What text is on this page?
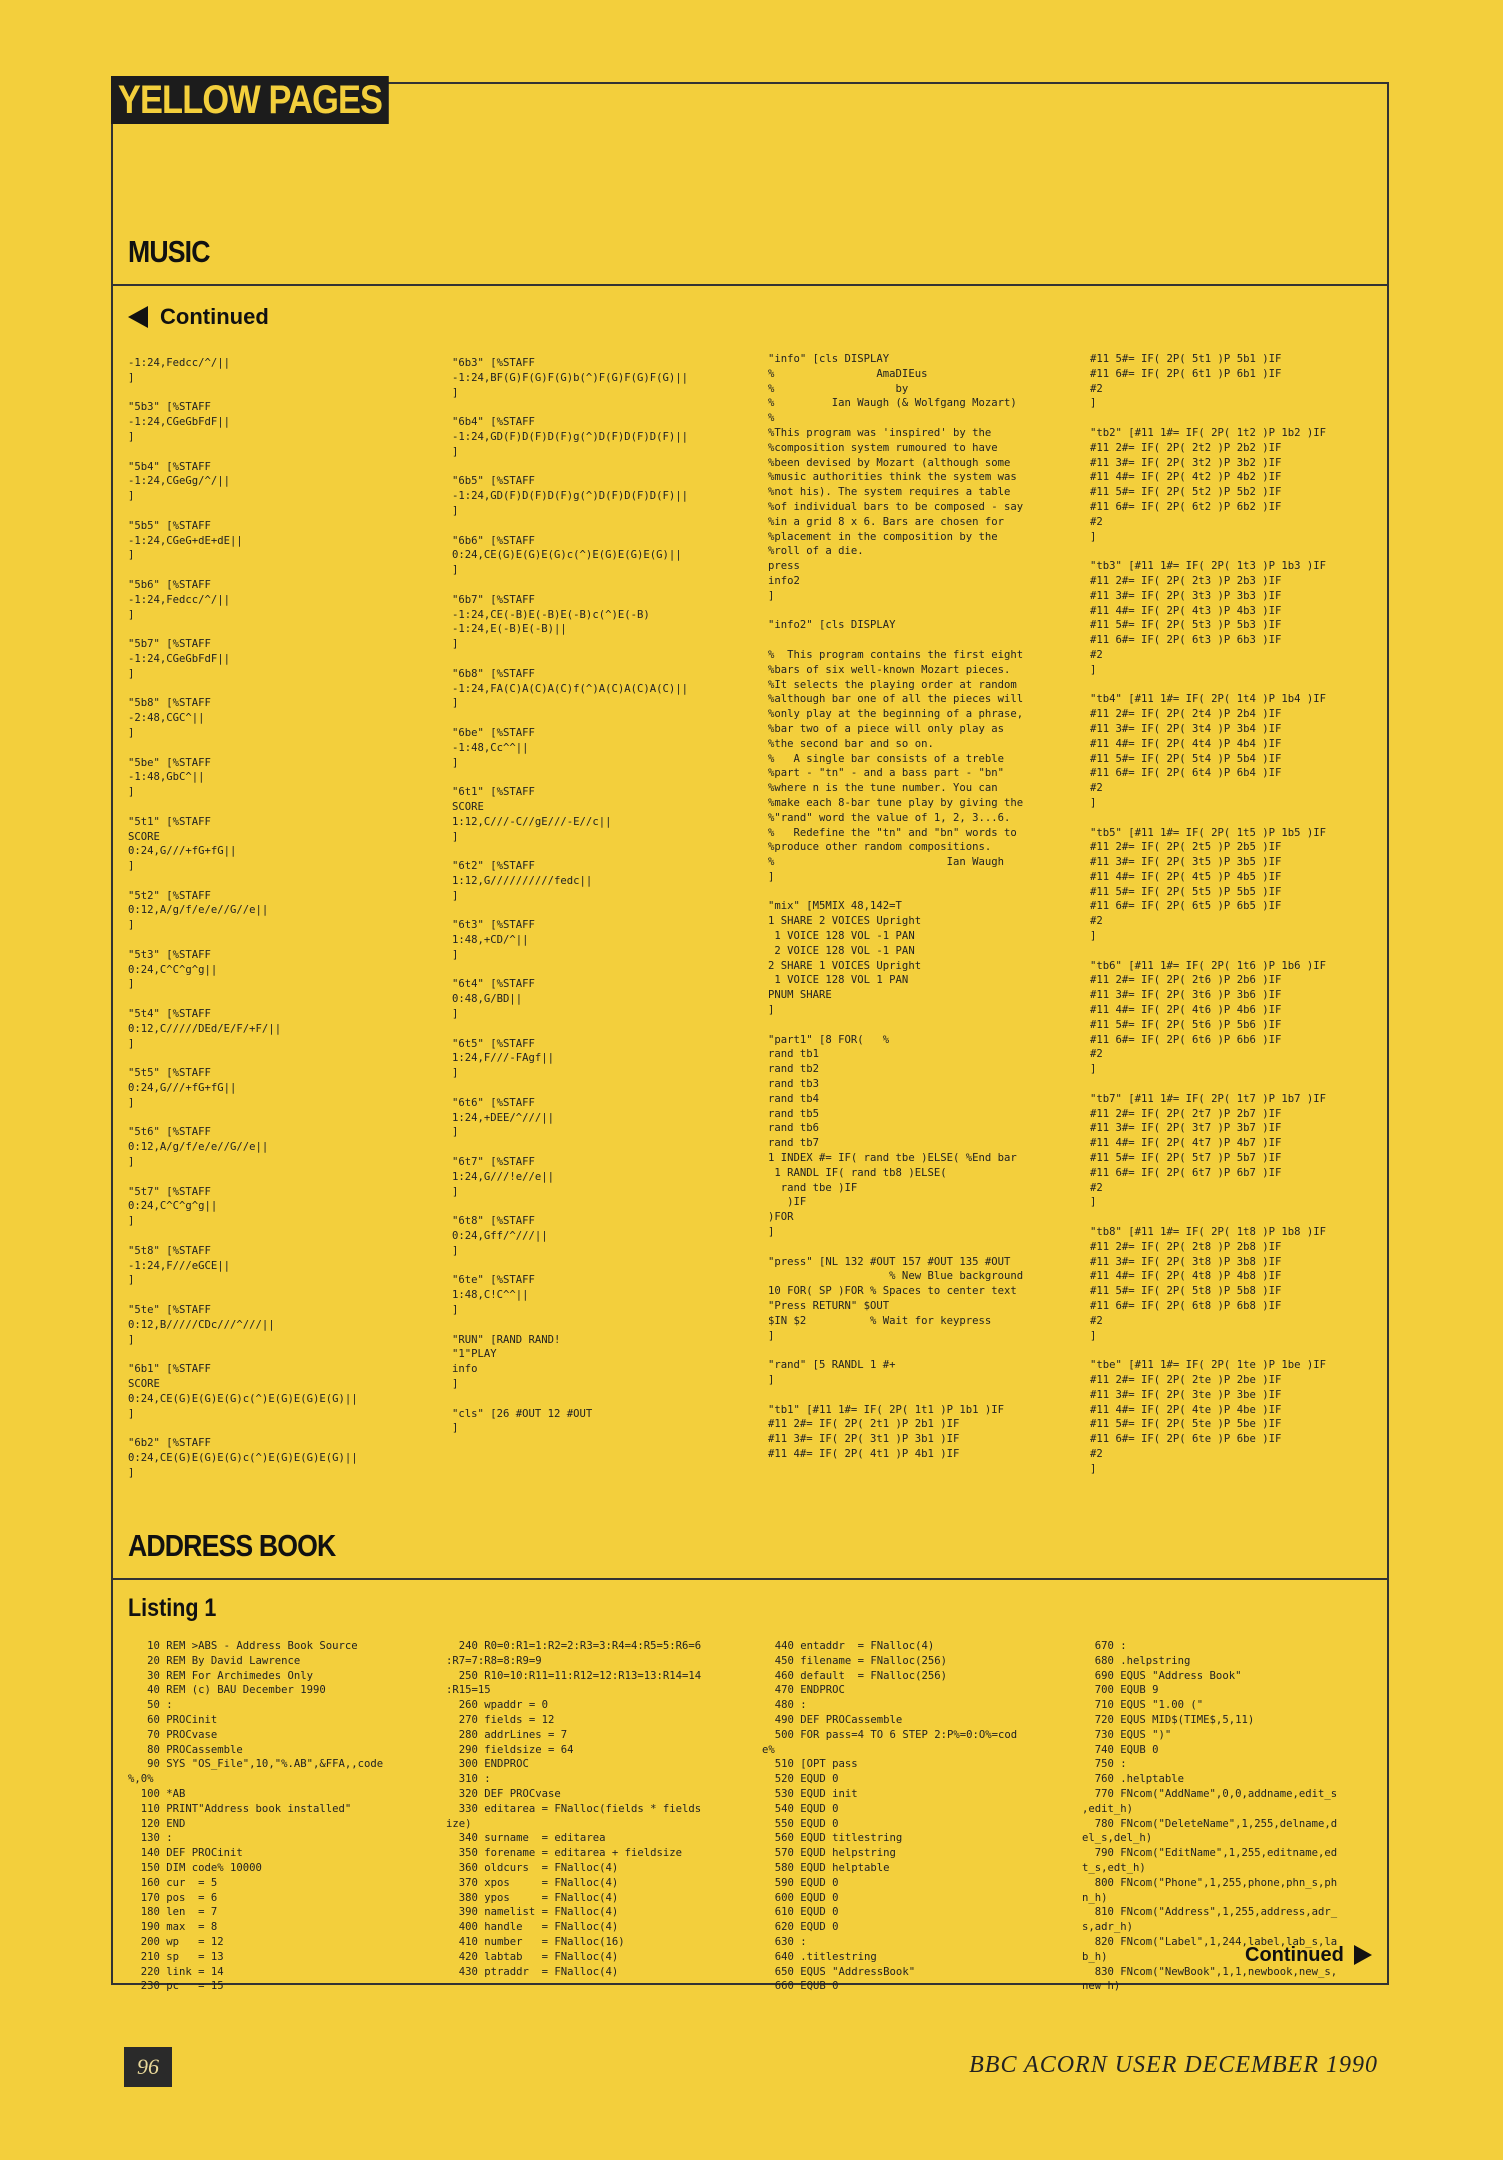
YELLOW PAGES
MUSIC
Continued
-1:24,Fedcc/^/||
]

"5b3" [%STAFF
-1:24,CGeGbFdF||
]

"5b4" [%STAFF
-1:24,CGeGg/^/||
]

"5b5" [%STAFF
-1:24,CGeG+dE+dE||
]

"5b6" [%STAFF
-1:24,Fedcc/^/||
]

"5b7" [%STAFF
-1:24,CGeGbFdF||
]

"5b8" [%STAFF
-2:48,CGC^||
]

"5be" [%STAFF
-1:48,GbC^||
]

"5t1" [%STAFF
SCORE
0:24,G///+fG+fG||
]

"5t2" [%STAFF
0:12,A/g/f/e/e//G//e||
]

"5t3" [%STAFF
0:24,C^C^g^g||
]

"5t4" [%STAFF
0:12,C/////DEd/E/F/+F/||
]

"5t5" [%STAFF
0:24,G///+fG+fG||
]

"5t6" [%STAFF
0:12,A/g/f/e/e//G//e||
]

"5t7" [%STAFF
0:24,C^C^g^g||
]

"5t8" [%STAFF
-1:24,F///eGCE||
]

"5te" [%STAFF
0:12,B/////CDc///^///||
]

"6b1" [%STAFF
SCORE
0:24,CE(G)E(G)E(G)c(^)E(G)E(G)E(G)||
]

"6b2" [%STAFF
0:24,CE(G)E(G)E(G)c(^)E(G)E(G)E(G)||
]
"6b3" [%STAFF
-1:24,BF(G)F(G)F(G)b(^)F(G)F(G)F(G)||
]

"6b4" [%STAFF
-1:24,GD(F)D(F)D(F)g(^)D(F)D(F)D(F)||
]

"6b5" [%STAFF
-1:24,GD(F)D(F)D(F)g(^)D(F)D(F)D(F)||
]

"6b6" [%STAFF
0:24,CE(G)E(G)E(G)c(^)E(G)E(G)E(G)||
]

"6b7" [%STAFF
-1:24,CE(-B)E(-B)E(-B)c(^)E(-B)
-1:24,E(-B)E(-B)||
]

"6b8" [%STAFF
-1:24,FA(C)A(C)A(C)f(^)A(C)A(C)A(C)||
]

"6be" [%STAFF
-1:48,Cc^^||
]

"6t1" [%STAFF
SCORE
1:12,C///-C//gE///-E//c||
]

"6t2" [%STAFF
1:12,G//////////fedc||
]

"6t3" [%STAFF
1:48,+CD/^||
]

"6t4" [%STAFF
0:48,G/BD||
]

"6t5" [%STAFF
1:24,F///-FAgf||
]

"6t6" [%STAFF
1:24,+DEE/^///||
]

"6t7" [%STAFF
1:24,G///!e//e||
]

"6t8" [%STAFF
0:24,Gff/^///||
]

"6te" [%STAFF
1:48,C!C^^||
]

"RUN" [RAND RAND!
"1"PLAY
info
]

"cls" [26 #OUT 12 #OUT
]
"info" [cls DISPLAY
%                AmaDIEus
%                   by
%         Ian Waugh (& Wolfgang Mozart)
%
%This program was 'inspired' by the
%composition system rumoured to have
%been devised by Mozart (although some
%music authorities think the system was
%not his). The system requires a table
%of individual bars to be composed - say
%in a grid 8 x 6. Bars are chosen for
%placement in the composition by the
%roll of a die.
press
info2
]

"info2" [cls DISPLAY

%  This program contains the first eight
%bars of six well-known Mozart pieces.
%It selects the playing order at random
%although bar one of all the pieces will
%only play at the beginning of a phrase,
%bar two of a piece will only play as
%the second bar and so on.
%   A single bar consists of a treble
%part - "tn" - and a bass part - "bn"
%where n is the tune number. You can
%make each 8-bar tune play by giving the
%"rand" word the value of 1, 2, 3...6.
%   Redefine the "tn" and "bn" words to
%produce other random compositions.
%                           Ian Waugh
]

"mix" [M5MIX 48,142=T
1 SHARE 2 VOICES Upright
1 VOICE 128 VOL -1 PAN
2 VOICE 128 VOL -1 PAN
2 SHARE 1 VOICES Upright
1 VOICE 128 VOL 1 PAN
PNUM SHARE
]

"part1" [8 FOR(   %
rand tb1
rand tb2
rand tb3
rand tb4
rand tb5
rand tb6
rand tb7
1 INDEX #= IF( rand tbe )ELSE( %End bar
1 RANDL IF( rand tb8 )ELSE(
rand tbe )IF
)IF
)FOR
]

"press" [NL 132 #OUT 157 #OUT 135 #OUT
% New Blue background
10 FOR( SP )FOR % Spaces to center text
"Press RETURN" $OUT
$IN $2          % Wait for keypress
]

"rand" [5 RANDL 1 #+
]

"tb1" [#11 1#= IF( 2P( 1t1 )P 1b1 )IF
#11 2#= IF( 2P( 2t1 )P 2b1 )IF
#11 3#= IF( 2P( 3t1 )P 3b1 )IF
#11 4#= IF( 2P( 4t1 )P 4b1 )IF
#11 5#= IF( 2P( 5t1 )P 5b1 )IF
#11 6#= IF( 2P( 6t1 )P 6b1 )IF
#2
]

"tb2" [#11 1#= IF( 2P( 1t2 )P 1b2 )IF
#11 2#= IF( 2P( 2t2 )P 2b2 )IF
#11 3#= IF( 2P( 3t2 )P 3b2 )IF
#11 4#= IF( 2P( 4t2 )P 4b2 )IF
#11 5#= IF( 2P( 5t2 )P 5b2 )IF
#11 6#= IF( 2P( 6t2 )P 6b2 )IF
#2
]

"tb3" [#11 1#= IF( 2P( 1t3 )P 1b3 )IF
#11 2#= IF( 2P( 2t3 )P 2b3 )IF
#11 3#= IF( 2P( 3t3 )P 3b3 )IF
#11 4#= IF( 2P( 4t3 )P 4b3 )IF
#11 5#= IF( 2P( 5t3 )P 5b3 )IF
#11 6#= IF( 2P( 6t3 )P 6b3 )IF
#2
]

"tb4" [#11 1#= IF( 2P( 1t4 )P 1b4 )IF
#11 2#= IF( 2P( 2t4 )P 2b4 )IF
#11 3#= IF( 2P( 3t4 )P 3b4 )IF
#11 4#= IF( 2P( 4t4 )P 4b4 )IF
#11 5#= IF( 2P( 5t4 )P 5b4 )IF
#11 6#= IF( 2P( 6t4 )P 6b4 )IF
#2
]

"tb5" [#11 1#= IF( 2P( 1t5 )P 1b5 )IF
#11 2#= IF( 2P( 2t5 )P 2b5 )IF
#11 3#= IF( 2P( 3t5 )P 3b5 )IF
#11 4#= IF( 2P( 4t5 )P 4b5 )IF
#11 5#= IF( 2P( 5t5 )P 5b5 )IF
#11 6#= IF( 2P( 6t5 )P 6b5 )IF
#2
]

"tb6" [#11 1#= IF( 2P( 1t6 )P 1b6 )IF
#11 2#= IF( 2P( 2t6 )P 2b6 )IF
#11 3#= IF( 2P( 3t6 )P 3b6 )IF
#11 4#= IF( 2P( 4t6 )P 4b6 )IF
#11 5#= IF( 2P( 5t6 )P 5b6 )IF
#11 6#= IF( 2P( 6t6 )P 6b6 )IF
#2
]

"tb7" [#11 1#= IF( 2P( 1t7 )P 1b7 )IF
#11 2#= IF( 2P( 2t7 )P 2b7 )IF
#11 3#= IF( 2P( 3t7 )P 3b7 )IF
#11 4#= IF( 2P( 4t7 )P 4b7 )IF
#11 5#= IF( 2P( 5t7 )P 5b7 )IF
#11 6#= IF( 2P( 6t7 )P 6b7 )IF
#2
]

"tb8" [#11 1#= IF( 2P( 1t8 )P 1b8 )IF
#11 2#= IF( 2P( 2t8 )P 2b8 )IF
#11 3#= IF( 2P( 3t8 )P 3b8 )IF
#11 4#= IF( 2P( 4t8 )P 4b8 )IF
#11 5#= IF( 2P( 5t8 )P 5b8 )IF
#11 6#= IF( 2P( 6t8 )P 6b8 )IF
#2
]

"tbe" [#11 1#= IF( 2P( 1te )P 1be )IF
#11 2#= IF( 2P( 2te )P 2be )IF
#11 3#= IF( 2P( 3te )P 3be )IF
#11 4#= IF( 2P( 4te )P 4be )IF
#11 5#= IF( 2P( 5te )P 5be )IF
#11 6#= IF( 2P( 6te )P 6be )IF
#2
]
ADDRESS BOOK
Listing 1
10 REM >ABS - Address Book Source
20 REM By David Lawrence
30 REM For Archimedes Only
40 REM (c) BAU December 1990
50 :
60 PROCinit
70 PROCvase
80 PROCassemble
90 SYS "OS_File",10,"%.AB",&FFA,,code
%,0%
100 *AB
110 PRINT"Address book installed"
120 END
130 :
140 DEF PROCinit
150 DIM code% 10000
160 cur  = 5
170 pos  = 6
180 len  = 7
190 max  = 8
200 wp   = 12
210 sp   = 13
220 link = 14
230 pc   = 15
240 R0=0:R1=1:R2=2:R3=3:R4=4:R5=5:R6=6
:R7=7:R8=8:R9=9
250 R10=10:R11=11:R12=12:R13=13:R14=14
:R15=15
260 wpaddr = 0
270 fields = 12
280 addrLines = 7
290 fieldsize = 64
300 ENDPROC
310 :
320 DEF PROCvase
330 editarea = FNalloc(fields * fields
ize)
340 surname  = editarea
350 forename = editarea + fieldsize
360 oldcurs  = FNalloc(4)
370 xpos     = FNalloc(4)
380 ypos     = FNalloc(4)
390 namelist = FNalloc(4)
400 handle   = FNalloc(4)
410 number   = FNalloc(16)
420 labtab   = FNalloc(4)
430 ptraddr  = FNalloc(4)
440 entaddr  = FNalloc(4)
450 filename = FNalloc(256)
460 default  = FNalloc(256)
470 ENDPROC
480 :
490 DEF PROCassemble
500 FOR pass=4 TO 6 STEP 2:P%=0:O%=cod
e%
510 [OPT pass
520 EQUD 0
530 EQUD init
540 EQUD 0
550 EQUD 0
560 EQUD titlestring
570 EQUD helpstring
580 EQUD helptable
590 EQUD 0
600 EQUD 0
610 EQUD 0
620 EQUD 0
630 :
640 .titlestring
650 EQUS "AddressBook"
660 EQUB 0
670 :
680 .helpstring
690 EQUS "Address Book"
700 EQUB 9
710 EQUS "1.00 ("
720 EQUS MID$(TIME$,5,11)
730 EQUS ")"
740 EQUB 0
750 :
760 .helptable
770 FNcom("AddName",0,0,addname,edit_s
,edit_h)
780 FNcom("DeleteName",1,255,delname,d
el_s,del_h)
790 FNcom("EditName",1,255,editname,ed
t_s,edt_h)
800 FNcom("Phone",1,255,phone,phn_s,ph
n_h)
810 FNcom("Address",1,255,address,adr_
s,adr_h)
820 FNcom("Label",1,244,label,lab_s,la
b_h)
830 FNcom("NewBook",1,1,newbook,new_s,
new h)
Continued
96	BBC ACORN USER DECEMBER 1990
